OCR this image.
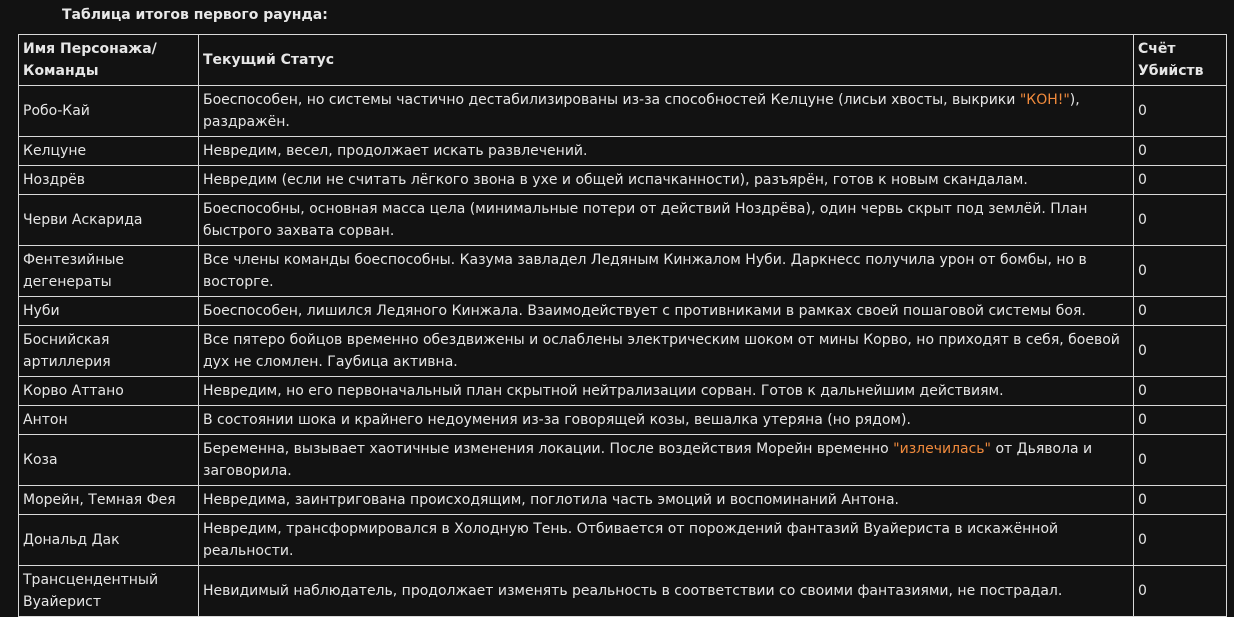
Таблица итогов первого раунда:
Имя Персонажа/ Команды	Текущий Статус	Счёт Убийств
Робо-Кай	Боеспособен, но системы частично дестабилизированы из-за способностей Келцуне (лисьи хвосты, выкрики "КОН!"), раздражён.	0
Келцуне	Невредим, весел, продолжает искать развлечений.	0
Ноздрёв	Невредим (если не считать лёгкого звона в ухе и общей испачканности), разъярён, готов к новым скандалам.	0
Черви Аскарида	Боеспособны, основная масса цела (минимальные потери от действий Ноздрёва), один червь скрыт под землёй. План быстрого захвата сорван.	0
Фентезийные дегенераты	Все члены команды боеспособны. Казума завладел Ледяным Кинжалом Нуби. Даркнесс получила урон от бомбы, но в восторге.	0
Нуби	Боеспособен, лишился Ледяного Кинжала. Взаимодействует с противниками в рамках своей пошаговой системы боя.	0
Боснийская артиллерия	Все пятеро бойцов временно обездвижены и ослаблены электрическим шоком от мины Корво, но приходят в себя, боевой дух не сломлен. Гаубица активна.	0
Корво Аттано	Невредим, но его первоначальный план скрытной нейтрализации сорван. Готов к дальнейшим действиям.	0
Антон	В состоянии шока и крайнего недоумения из-за говорящей козы, вешалка утеряна (но рядом).	0
Коза	Беременна, вызывает хаотичные изменения локации. После воздействия Морейн временно "излечилась" от Дьявола и заговорила.	0
Морейн, Темная Фея	Невредима, заинтригована происходящим, поглотила часть эмоций и воспоминаний Антона.	0
Дональд Дак	Невредим, трансформировался в Холодную Тень. Отбивается от порождений фантазий Вуайериста в искажённой реальности.	0
Трансцендентный Вуайерист	Невидимый наблюдатель, продолжает изменять реальность в соответствии со своими фантазиями, не пострадал.	0
